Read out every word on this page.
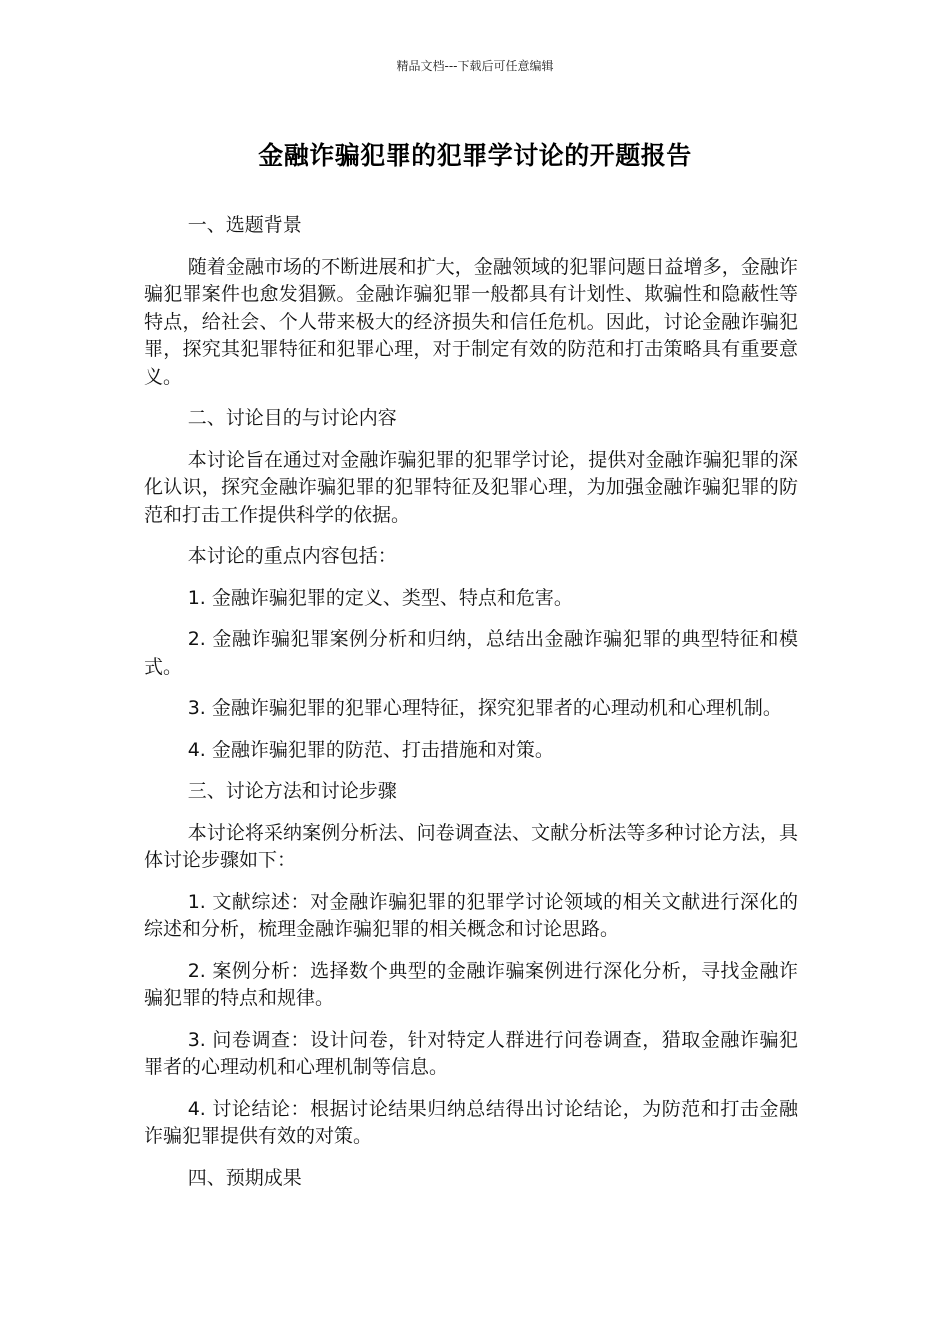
精品文档---下载后可任意编辑
金融诈骗犯罪的犯罪学讨论的开题报告

一、选题背景

随着金融市场的不断进展和扩大，金融领域的犯罪问题日益增多，金融诈骗犯罪案件也愈发猖獗。金融诈骗犯罪一般都具有计划性、欺骗性和隐蔽性等特点，给社会、个人带来极大的经济损失和信任危机。因此，讨论金融诈骗犯罪，探究其犯罪特征和犯罪心理，对于制定有效的防范和打击策略具有重要意义。

二、讨论目的与讨论内容

本讨论旨在通过对金融诈骗犯罪的犯罪学讨论，提供对金融诈骗犯罪的深化认识，探究金融诈骗犯罪的犯罪特征及犯罪心理，为加强金融诈骗犯罪的防范和打击工作提供科学的依据。

本讨论的重点内容包括：

1. 金融诈骗犯罪的定义、类型、特点和危害。

2. 金融诈骗犯罪案例分析和归纳，总结出金融诈骗犯罪的典型特征和模式。

3. 金融诈骗犯罪的犯罪心理特征，探究犯罪者的心理动机和心理机制。

4. 金融诈骗犯罪的防范、打击措施和对策。

三、讨论方法和讨论步骤

本讨论将采纳案例分析法、问卷调查法、文献分析法等多种讨论方法，具体讨论步骤如下：

1. 文献综述：对金融诈骗犯罪的犯罪学讨论领域的相关文献进行深化的综述和分析，梳理金融诈骗犯罪的相关概念和讨论思路。

2. 案例分析：选择数个典型的金融诈骗案例进行深化分析，寻找金融诈骗犯罪的特点和规律。

3. 问卷调查：设计问卷，针对特定人群进行问卷调查，猎取金融诈骗犯罪者的心理动机和心理机制等信息。

4. 讨论结论：根据讨论结果归纳总结得出讨论结论，为防范和打击金融诈骗犯罪提供有效的对策。

四、预期成果
